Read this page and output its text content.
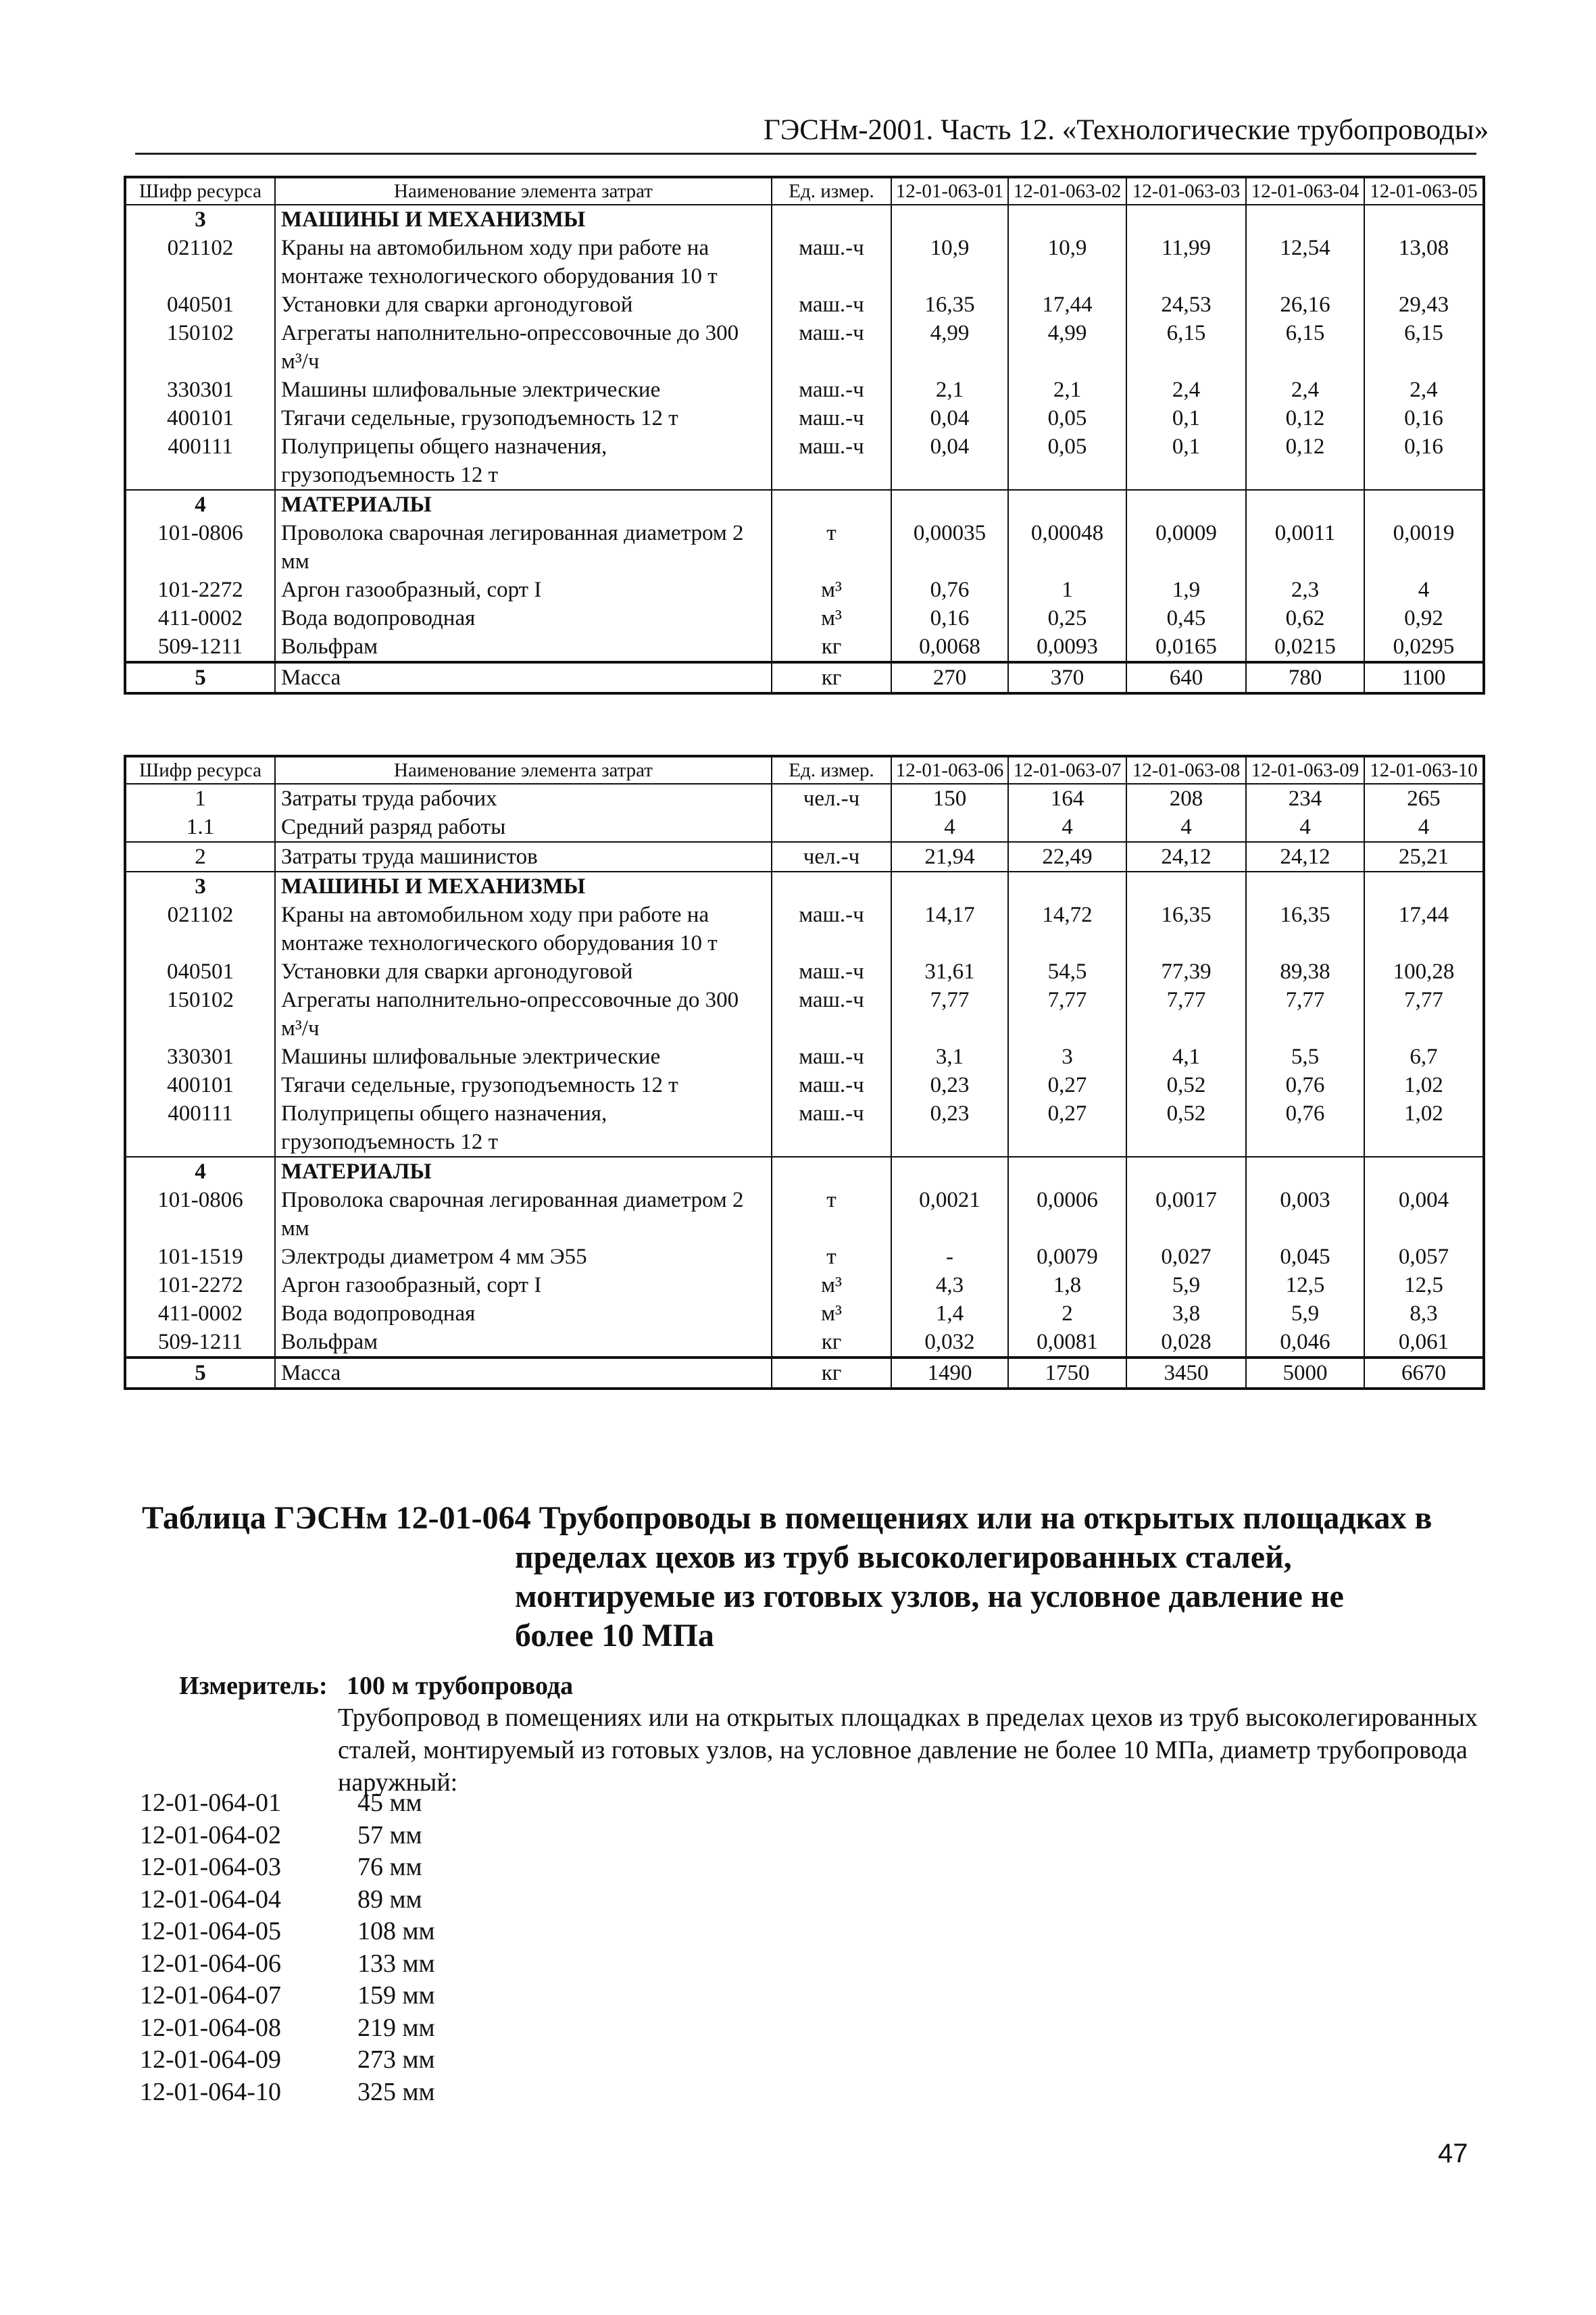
ГЭСНм-2001. Часть 12. «Технологические трубопроводы»
Шифр ресурса	Наименование элемента затрат	Ед. измер.	12-01-063-01	12-01-063-02	12-01-063-03	12-01-063-04	12-01-063-05
3	МАШИНЫ И МЕХАНИЗМЫ						
021102	Краны на автомобильном ходу при работе на монтаже технологического оборудования 10 т	маш.-ч	10,9	10,9	11,99	12,54	13,08
040501	Установки для сварки аргонодуговой	маш.-ч	16,35	17,44	24,53	26,16	29,43
150102	Агрегаты наполнительно-опрессовочные до 300 м³/ч	маш.-ч	4,99	4,99	6,15	6,15	6,15
330301	Машины шлифовальные электрические	маш.-ч	2,1	2,1	2,4	2,4	2,4
400101	Тягачи седельные, грузоподъемность 12 т	маш.-ч	0,04	0,05	0,1	0,12	0,16
400111	Полуприцепы общего назначения, грузоподъемность 12 т	маш.-ч	0,04	0,05	0,1	0,12	0,16
4	МАТЕРИАЛЫ						
101-0806	Проволока сварочная легированная диаметром 2 мм	т	0,00035	0,00048	0,0009	0,0011	0,0019
101-2272	Аргон газообразный, сорт I	м³	0,76	1	1,9	2,3	4
411-0002	Вода водопроводная	м³	0,16	0,25	0,45	0,62	0,92
509-1211	Вольфрам	кг	0,0068	0,0093	0,0165	0,0215	0,0295
5	Масса	кг	270	370	640	780	1100
Шифр ресурса	Наименование элемента затрат	Ед. измер.	12-01-063-06	12-01-063-07	12-01-063-08	12-01-063-09	12-01-063-10
1	Затраты труда рабочих	чел.-ч	150	164	208	234	265
1.1	Средний разряд работы		4	4	4	4	4
2	Затраты труда машинистов	чел.-ч	21,94	22,49	24,12	24,12	25,21
3	МАШИНЫ И МЕХАНИЗМЫ						
021102	Краны на автомобильном ходу при работе на монтаже технологического оборудования 10 т	маш.-ч	14,17	14,72	16,35	16,35	17,44
040501	Установки для сварки аргонодуговой	маш.-ч	31,61	54,5	77,39	89,38	100,28
150102	Агрегаты наполнительно-опрессовочные до 300 м³/ч	маш.-ч	7,77	7,77	7,77	7,77	7,77
330301	Машины шлифовальные электрические	маш.-ч	3,1	3	4,1	5,5	6,7
400101	Тягачи седельные, грузоподъемность 12 т	маш.-ч	0,23	0,27	0,52	0,76	1,02
400111	Полуприцепы общего назначения, грузоподъемность 12 т	маш.-ч	0,23	0,27	0,52	0,76	1,02
4	МАТЕРИАЛЫ						
101-0806	Проволока сварочная легированная диаметром 2 мм	т	0,0021	0,0006	0,0017	0,003	0,004
101-1519	Электроды диаметром 4 мм Э55	т	-	0,0079	0,027	0,045	0,057
101-2272	Аргон газообразный, сорт I	м³	4,3	1,8	5,9	12,5	12,5
411-0002	Вода водопроводная	м³	1,4	2	3,8	5,9	8,3
509-1211	Вольфрам	кг	0,032	0,0081	0,028	0,046	0,061
5	Масса	кг	1490	1750	3450	5000	6670
Таблица ГЭСНм 12-01-064 Трубопроводы в помещениях или на открытых площадках в
пределах цехов из труб высоколегированных сталей,
монтируемые из готовых узлов, на условное давление не
более 10 МПа
Измеритель: 100 м трубопровода
Трубопровод в помещениях или на открытых площадках в пределах цехов из труб высоколегированных сталей, монтируемый из готовых узлов, на условное давление не более 10 МПа, диаметр трубопровода наружный:
12-01-064-01	45 мм
12-01-064-02	57 мм
12-01-064-03	76 мм
12-01-064-04	89 мм
12-01-064-05	108 мм
12-01-064-06	133 мм
12-01-064-07	159 мм
12-01-064-08	219 мм
12-01-064-09	273 мм
12-01-064-10	325 мм
47
